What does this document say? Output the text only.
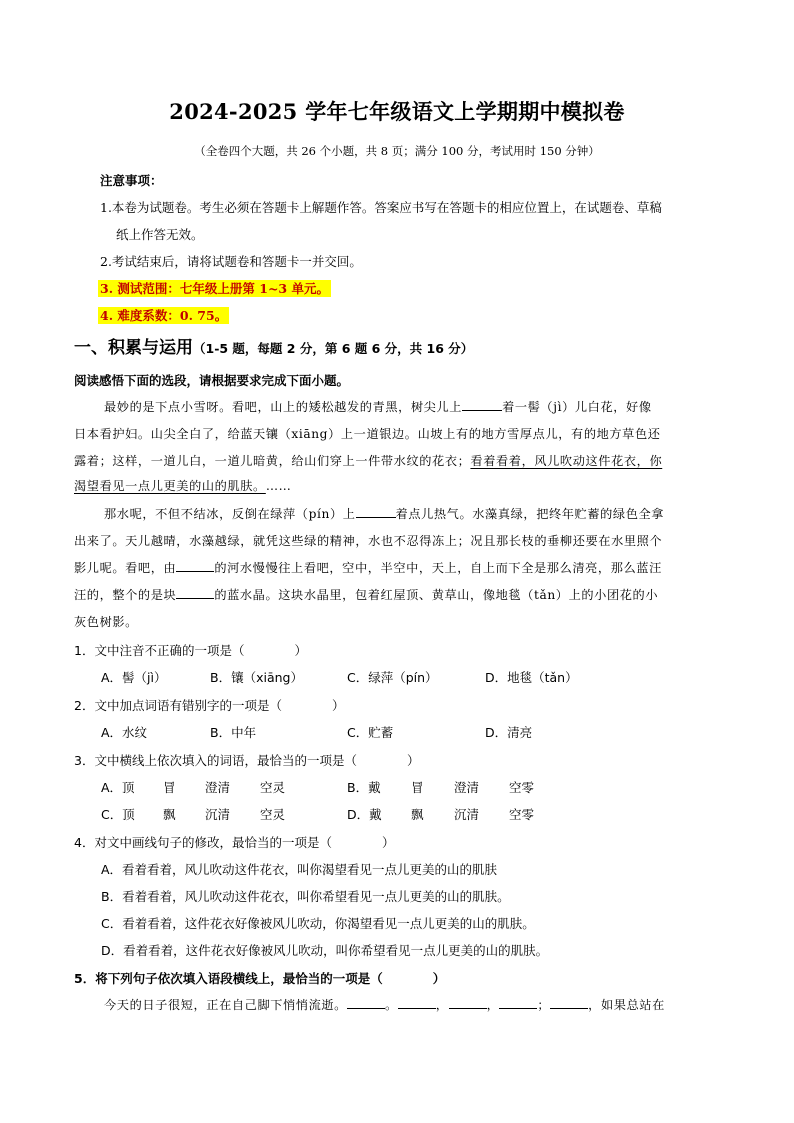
2024-2025 学年七年级语文上学期期中模拟卷
（全卷四个大题，共 26 个小题，共 8 页；满分 100 分，考试用时 150 分钟）
注意事项：
1.本卷为试题卷。考生必须在答题卡上解题作答。答案应书写在答题卡的相应位置上，在试题卷、草稿
纸上作答无效。
2.考试结束后，请将试题卷和答题卡一并交回。
3. 测试范围：七年级上册第 1~3 单元。
4. 难度系数：0. 75。
一、积累与运用（1-5 题，每题 2 分，第 6 题 6 分，共 16 分）
阅读感悟下面的选段，请根据要求完成下面小题。
最妙的是下点小雪呀。看吧，山上的矮松越发的青黑，树尖儿上	着一髻（jì）儿白花，好像
日本看护妇。山尖全白了，给蓝天镶（xiāng）上一道银边。山坡上有的地方雪厚点儿，有的地方草色还
露着；这样，一道儿白，一道儿暗黄，给山们穿上一件带水纹的花衣；看着看着，风儿吹动这件花衣，你
渴望看见一点儿更美的山的肌肤。……
那水呢，不但不结冰，反倒在绿萍（pín）上	着点儿热气。水藻真绿，把终年贮蓄的绿色全拿
出来了。天儿越晴，水藻越绿，就凭这些绿的精神，水也不忍得冻上；况且那长枝的垂柳还要在水里照个
影儿呢。看吧，由	的河水慢慢往上看吧，空中，半空中，天上，自上而下全是那么清亮，那么蓝汪
汪的，整个的是块	的蓝水晶。这块水晶里，包着红屋顶、黄草山，像地毯（tǎn）上的小团花的小
灰色树影。
1．文中注音不正确的一项是（　　　　）
A．髻（jì）	B．镶（xiāng）	C．绿萍（pín）	D．地毯（tǎn）
2．文中加点词语有错别字的一项是（　　　　）
A．水纹	B．中年	C．贮蓄	D．清亮
3．文中横线上依次填入的词语，最恰当的一项是（　　　　）
A．顶 冒 澄清 空灵	B．戴 冒 澄清 空零
C．顶 飘 沉清 空灵	D．戴 飘 沉清 空零
4．对文中画线句子的修改，最恰当的一项是（　　　　）
A．看着看着，风儿吹动这件花衣，叫你渴望看见一点儿更美的山的肌肤
B．看着看着，风儿吹动这件花衣，叫你希望看见一点儿更美的山的肌肤。
C．看着看着，这件花衣好像被风儿吹动，你渴望看见一点儿更美的山的肌肤。
D．看着看着，这件花衣好像被风儿吹动，叫你希望看见一点儿更美的山的肌肤。
5．将下列句子依次填入语段横线上，最恰当的一项是（　　　　）
今天的日子很短，正在自己脚下悄悄流逝。	。	，	，	；	，如果总站在
